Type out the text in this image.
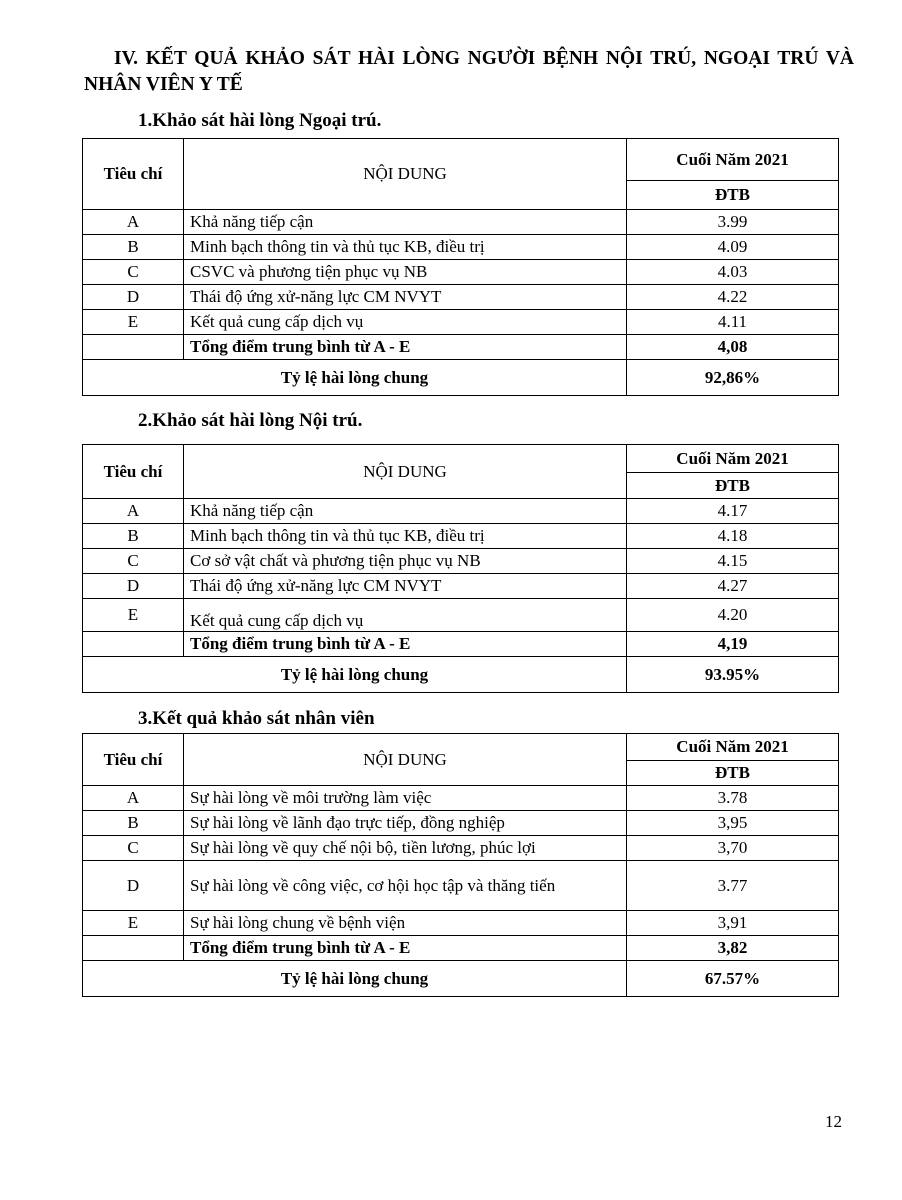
IV. KẾT QUẢ KHẢO SÁT HÀI LÒNG NGƯỜI BỆNH NỘI TRÚ, NGOẠI TRÚ VÀ NHÂN VIÊN Y TẾ
1.Khảo sát hài lòng Ngoại trú.
Tiêu chí	NỘI DUNG	Cuối Năm 2021
		ĐTB
A	Khả năng tiếp cận	3.99
B	Minh bạch thông tin và thủ tục KB, điều trị	4.09
C	CSVC và phương tiện phục vụ NB	4.03
D	Thái độ ứng xử-năng lực CM NVYT	4.22
E	Kết quả cung cấp dịch vụ	4.11
	Tổng điểm trung bình từ A - E	4,08
Tỷ lệ hài lòng chung		92,86%
2.Khảo sát hài lòng Nội trú.
Tiêu chí	NỘI DUNG	Cuối Năm 2021
		ĐTB
A	Khả năng tiếp cận	4.17
B	Minh bạch thông tin và thủ tục KB, điều trị	4.18
C	Cơ sở vật chất và phương tiện phục vụ NB	4.15
D	Thái độ ứng xử-năng lực CM NVYT	4.27
E	Kết quả cung cấp dịch vụ	4.20
	Tổng điểm trung bình từ A - E	4,19
Tỷ lệ hài lòng chung		93.95%
3.Kết quả khảo sát nhân viên
Tiêu chí	NỘI DUNG	Cuối Năm 2021
		ĐTB
A	Sự hài lòng về môi trường làm việc	3.78
B	Sự hài lòng về lãnh đạo trực tiếp, đồng nghiệp	3,95
C	Sự hài lòng về quy chế nội bộ, tiền lương, phúc lợi	3,70
D	Sự hài lòng về công việc, cơ hội học tập và thăng tiến	3.77
E	Sự hài lòng chung về bệnh viện	3,91
	Tổng điểm trung bình từ A - E	3,82
Tỷ lệ hài lòng chung		67.57%
12
